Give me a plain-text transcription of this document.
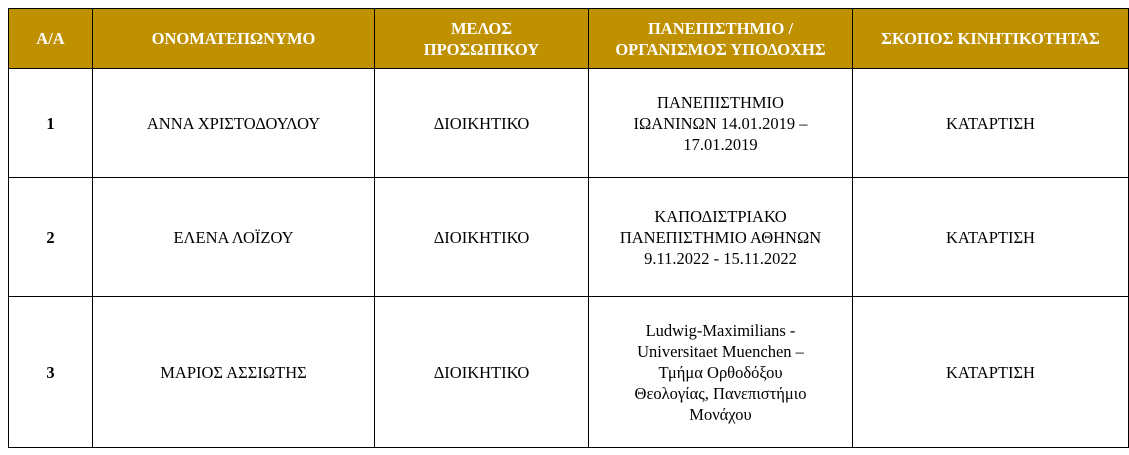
Α/Α	ΟΝΟΜΑΤΕΠΩΝΥΜΟ	ΜΕΛΟΣ
ΠΡΟΣΩΠΙΚΟΥ	ΠΑΝΕΠΙΣΤΗΜΙΟ /
ΟΡΓΑΝΙΣΜΟΣ ΥΠΟΔΟΧΗΣ	ΣΚΟΠΟΣ ΚΙΝΗΤΙΚΟΤΗΤΑΣ
1	ΑΝΝΑ ΧΡΙΣΤΟΔΟΥΛΟΥ	ΔΙΟΙΚΗΤΙΚΟ	ΠΑΝΕΠΙΣΤΗΜΙΟ
ΙΩΑΝΙΝΩΝ 14.01.2019 –
17.01.2019	ΚΑΤΑΡΤΙΣΗ
2	ΕΛΕΝΑ ΛΟΪΖΟΥ	ΔΙΟΙΚΗΤΙΚΟ	ΚΑΠΟΔΙΣΤΡΙΑΚΟ
ΠΑΝΕΠΙΣΤΗΜΙΟ ΑΘΗΝΩΝ
9.11.2022 - 15.11.2022	ΚΑΤΑΡΤΙΣΗ
3	ΜΑΡΙΟΣ ΑΣΣΙΩΤΗΣ	ΔΙΟΙΚΗΤΙΚΟ	Ludwig-Maximilians -
Universitaet Muenchen –
Τμήμα Ορθοδόξου
Θεολογίας, Πανεπιστήμιο
Μονάχου	ΚΑΤΑΡΤΙΣΗ
